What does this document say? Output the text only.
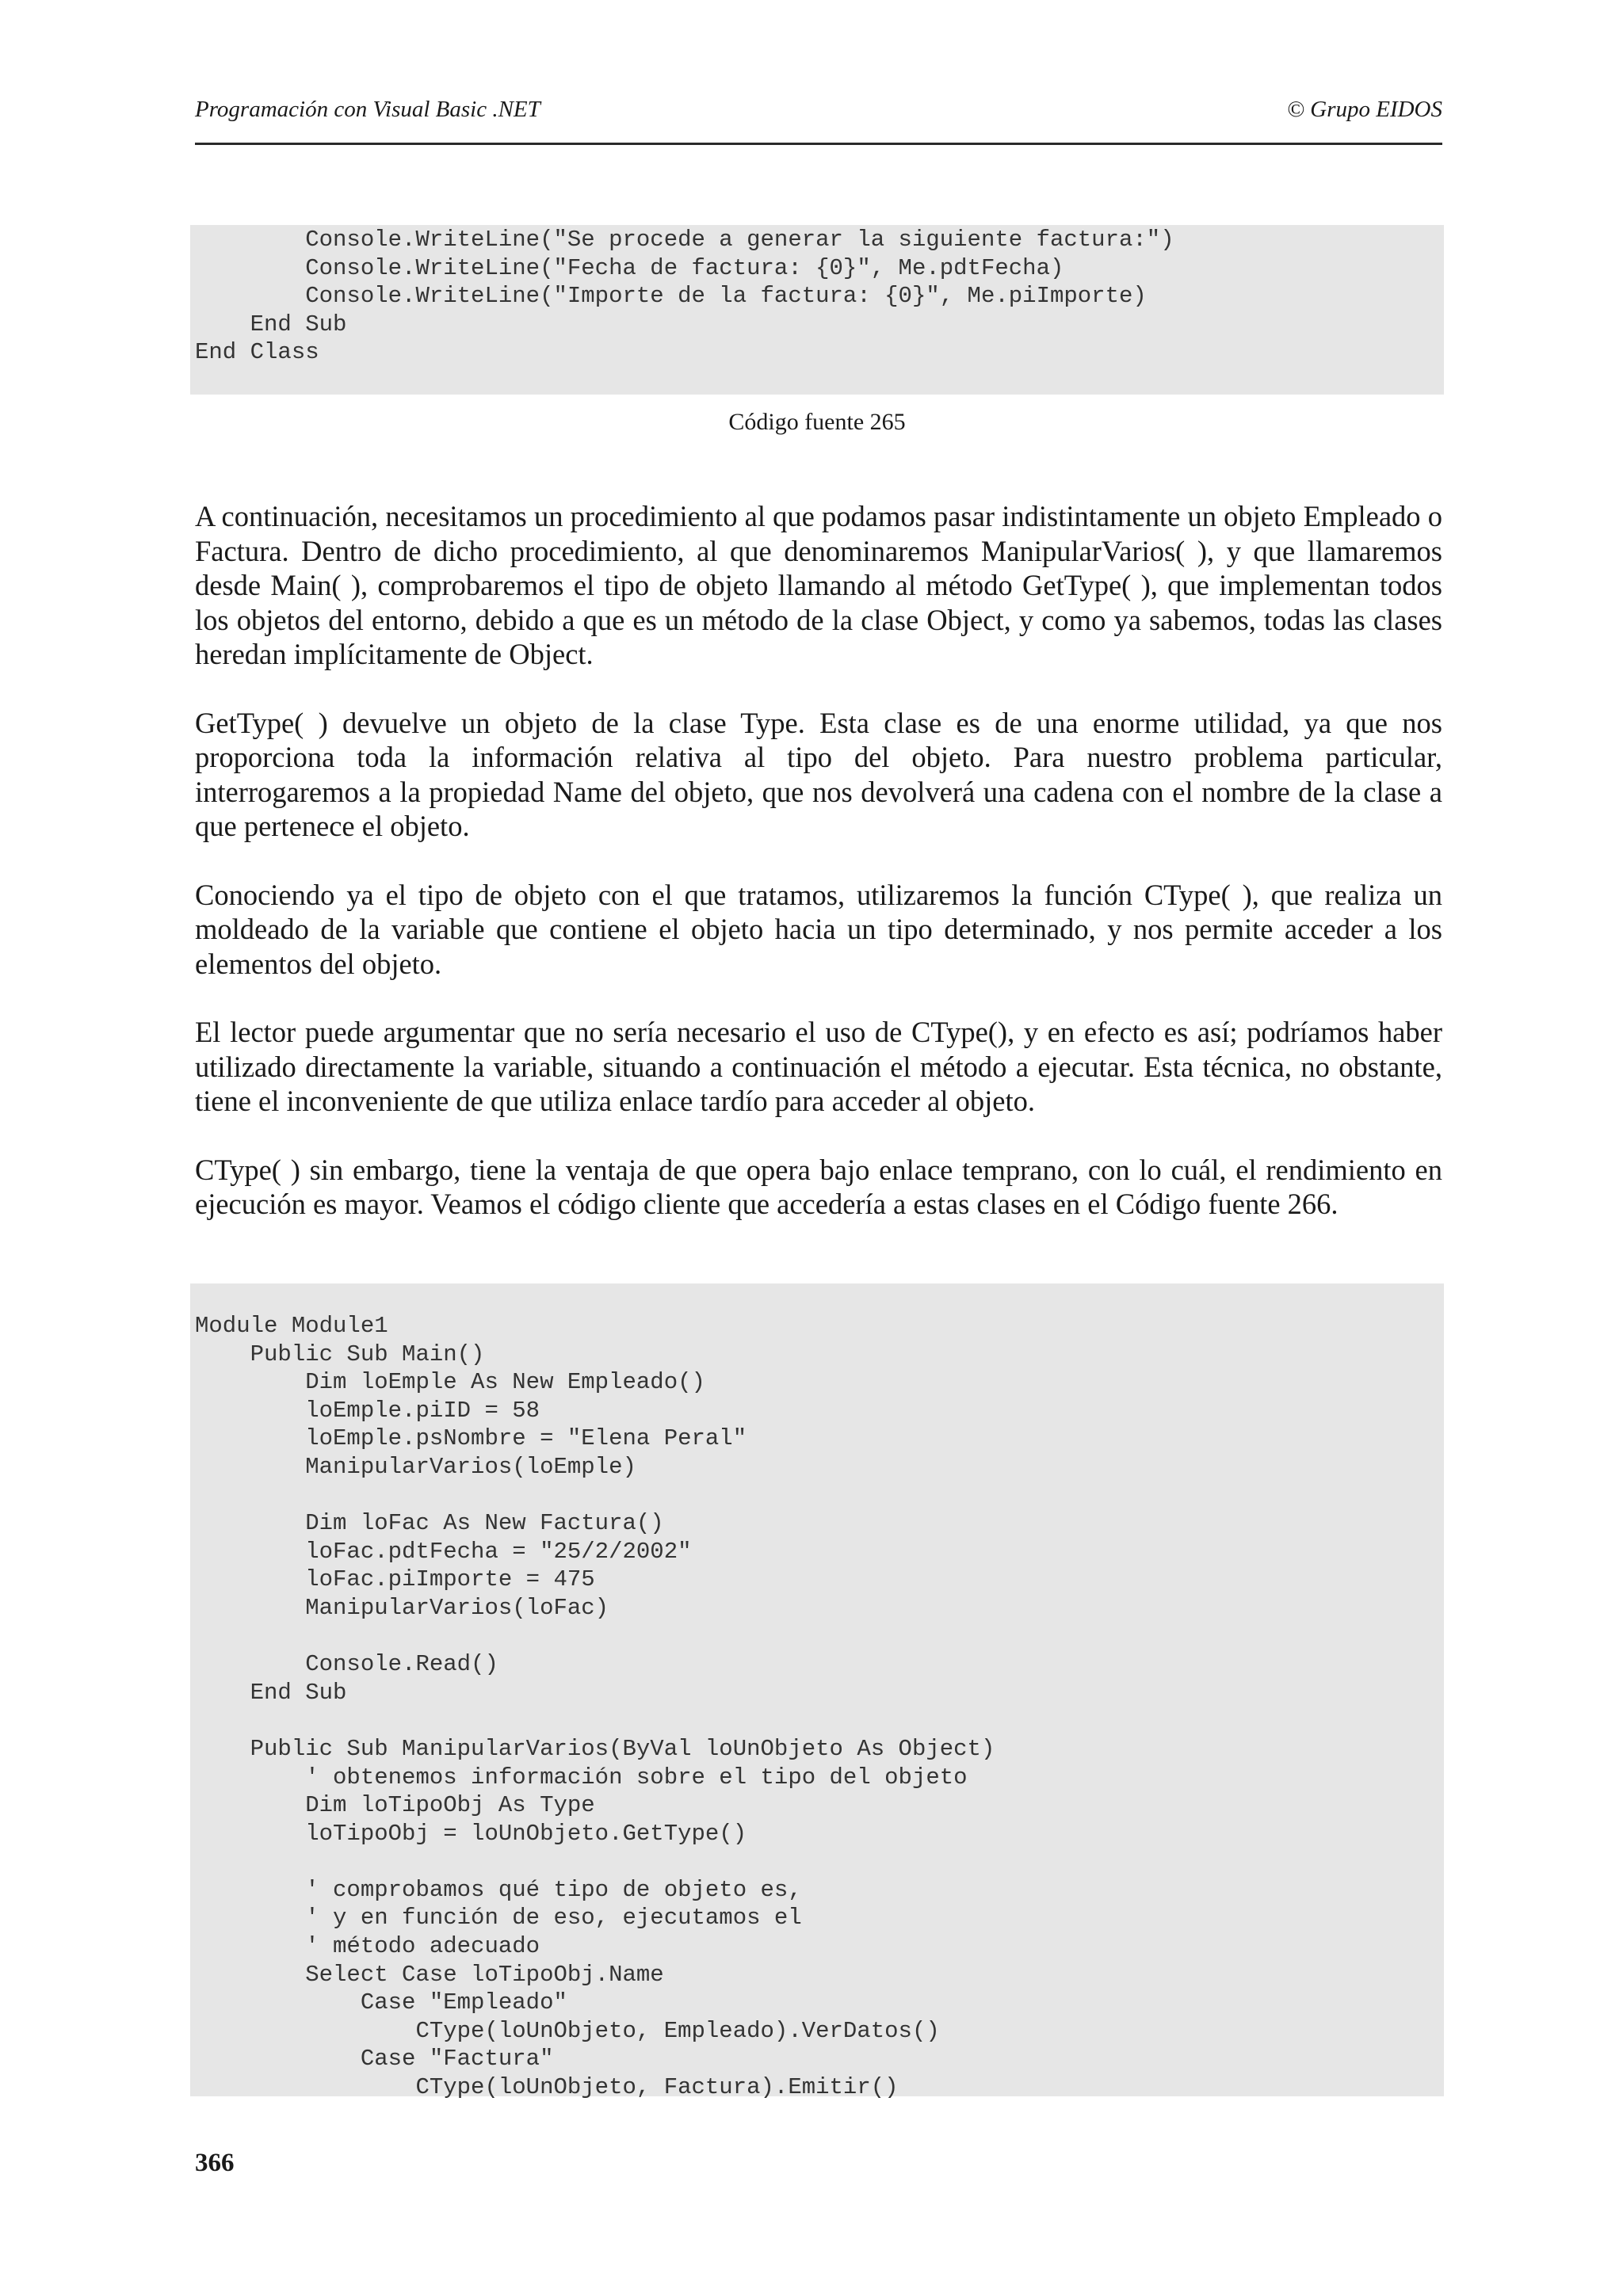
Programación con Visual Basic .NET	© Grupo EIDOS
Console.WriteLine("Se procede a generar la siguiente factura:")
Console.WriteLine("Fecha de factura: {0}", Me.pdtFecha)
Console.WriteLine("Importe de la factura: {0}", Me.piImporte)
End Sub
End Class
Código fuente 265

A continuación, necesitamos un procedimiento al que podamos pasar indistintamente un objeto Empleado o Factura. Dentro de dicho procedimiento, al que denominaremos ManipularVarios( ), y que llamaremos desde Main( ), comprobaremos el tipo de objeto llamando al método GetType( ), que implementan todos los objetos del entorno, debido a que es un método de la clase Object, y como ya sabemos, todas las clases heredan implícitamente de Object.

GetType( ) devuelve un objeto de la clase Type. Esta clase es de una enorme utilidad, ya que nos proporciona toda la información relativa al tipo del objeto. Para nuestro problema particular, interrogaremos a la propiedad Name del objeto, que nos devolverá una cadena con el nombre de la clase a que pertenece el objeto.

Conociendo ya el tipo de objeto con el que tratamos, utilizaremos la función CType( ), que realiza un moldeado de la variable que contiene el objeto hacia un tipo determinado, y nos permite acceder a los elementos del objeto.

El lector puede argumentar que no sería necesario el uso de CType(), y en efecto es así; podríamos haber utilizado directamente la variable, situando a continuación el método a ejecutar. Esta técnica, no obstante, tiene el inconveniente de que utiliza enlace tardío para acceder al objeto.

CType( ) sin embargo, tiene la ventaja de que opera bajo enlace temprano, con lo cuál, el rendimiento en ejecución es mayor. Veamos el código cliente que accedería a estas clases en el Código fuente 266.

Module Module1
Public Sub Main()
Dim loEmple As New Empleado()
loEmple.piID = 58
loEmple.psNombre = "Elena Peral"
ManipularVarios(loEmple)

Dim loFac As New Factura()
loFac.pdtFecha = "25/2/2002"
loFac.piImporte = 475
ManipularVarios(loFac)

Console.Read()
End Sub

Public Sub ManipularVarios(ByVal loUnObjeto As Object)
' obtenemos información sobre el tipo del objeto
Dim loTipoObj As Type
loTipoObj = loUnObjeto.GetType()

' comprobamos qué tipo de objeto es,
' y en función de eso, ejecutamos el
' método adecuado
Select Case loTipoObj.Name
Case "Empleado"
CType(loUnObjeto, Empleado).VerDatos()
Case "Factura"
CType(loUnObjeto, Factura).Emitir()
366
